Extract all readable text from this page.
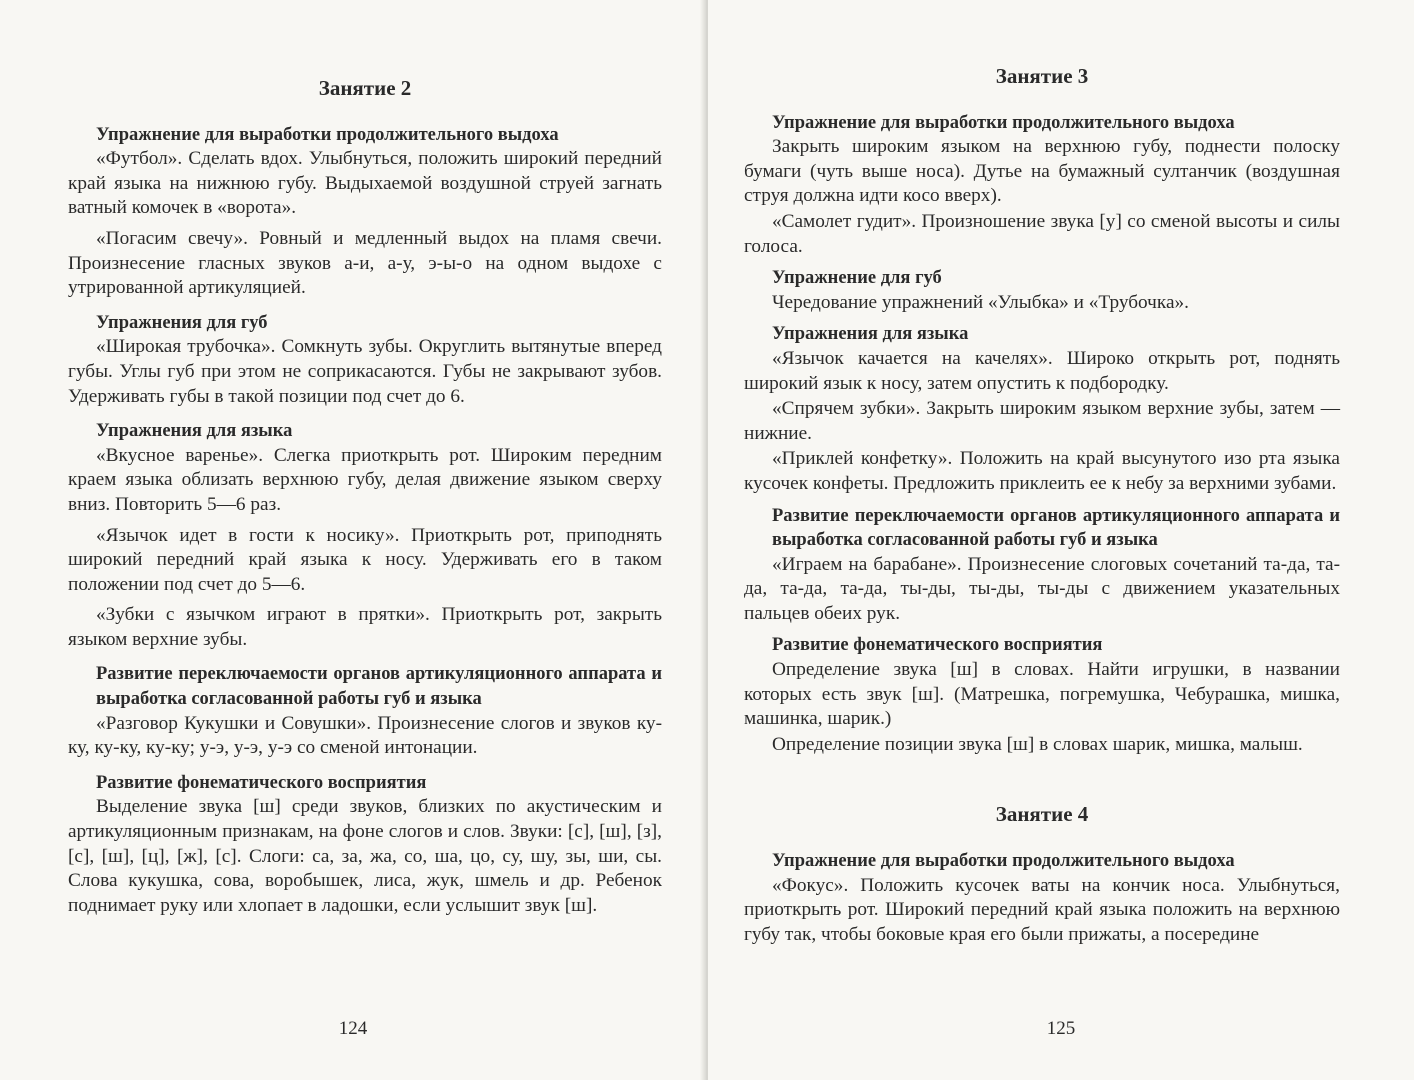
Занятие 2

Упражнение для выработки продолжительного выдоха

«Футбол». Сделать вдох. Улыбнуться, положить широкий передний край языка на нижнюю губу. Выдыхаемой воздушной струей загнать ватный комочек в «ворота».

«Погасим свечу». Ровный и медленный выдох на пламя свечи. Произнесение гласных звуков а-и, а-у, э-ы-о на одном выдохе с утрированной артикуляцией.

Упражнения для губ

«Широкая трубочка». Сомкнуть зубы. Округлить вытянутые вперед губы. Углы губ при этом не соприкасаются. Губы не закрывают зубов. Удерживать губы в такой позиции под счет до 6.

Упражнения для языка

«Вкусное варенье». Слегка приоткрыть рот. Широким передним краем языка облизать верхнюю губу, делая движение языком сверху вниз. Повторить 5—6 раз.

«Язычок идет в гости к носику». Приоткрыть рот, приподнять широкий передний край языка к носу. Удерживать его в таком положении под счет до 5—6.

«Зубки с язычком играют в прятки». Приоткрыть рот, закрыть языком верхние зубы.

Развитие переключаемости органов артикуляционного аппарата и выработка согласованной работы губ и языка

«Разговор Кукушки и Совушки». Произнесение слогов и звуков ку-ку, ку-ку, ку-ку; у-э, у-э, у-э со сменой интонации.

Развитие фонематического восприятия

Выделение звука [ш] среди звуков, близких по акустическим и артикуляционным признакам, на фоне слогов и слов. Звуки: [с], [ш], [з], [с], [ш], [ц], [ж], [с]. Слоги: са, за, жа, со, ша, цо, су, шу, зы, ши, сы. Слова кукушка, сова, воробышек, лиса, жук, шмель и др. Ребенок поднимает руку или хлопает в ладошки, если услышит звук [ш].

124
Занятие 3

Упражнение для выработки продолжительного выдоха

Закрыть широким языком на верхнюю губу, поднести полоску бумаги (чуть выше носа). Дутье на бумажный султанчик (воздушная струя должна идти косо вверх).

«Самолет гудит». Произношение звука [у] со сменой высоты и силы голоса.

Упражнение для губ

Чередование упражнений «Улыбка» и «Трубочка».

Упражнения для языка

«Язычок качается на качелях». Широко открыть рот, поднять широкий язык к носу, затем опустить к подбородку.

«Спрячем зубки». Закрыть широким языком верхние зубы, затем — нижние.

«Приклей конфетку». Положить на край высунутого изо рта языка кусочек конфеты. Предложить приклеить ее к небу за верхними зубами.

Развитие переключаемости органов артикуляционного аппарата и выработка согласованной работы губ и языка

«Играем на барабане». Произнесение слоговых сочетаний та-да, та-да, та-да, та-да, ты-ды, ты-ды, ты-ды с движением указательных пальцев обеих рук.

Развитие фонематического восприятия

Определение звука [ш] в словах. Найти игрушки, в названии которых есть звук [ш]. (Матрешка, погремушка, Чебурашка, мишка, машинка, шарик.)

Определение позиции звука [ш] в словах шарик, мишка, малыш.

Занятие 4

Упражнение для выработки продолжительного выдоха

«Фокус». Положить кусочек ваты на кончик носа. Улыбнуться, приоткрыть рот. Широкий передний край языка положить на верхнюю губу так, чтобы боковые края его были прижаты, а посередине

125
